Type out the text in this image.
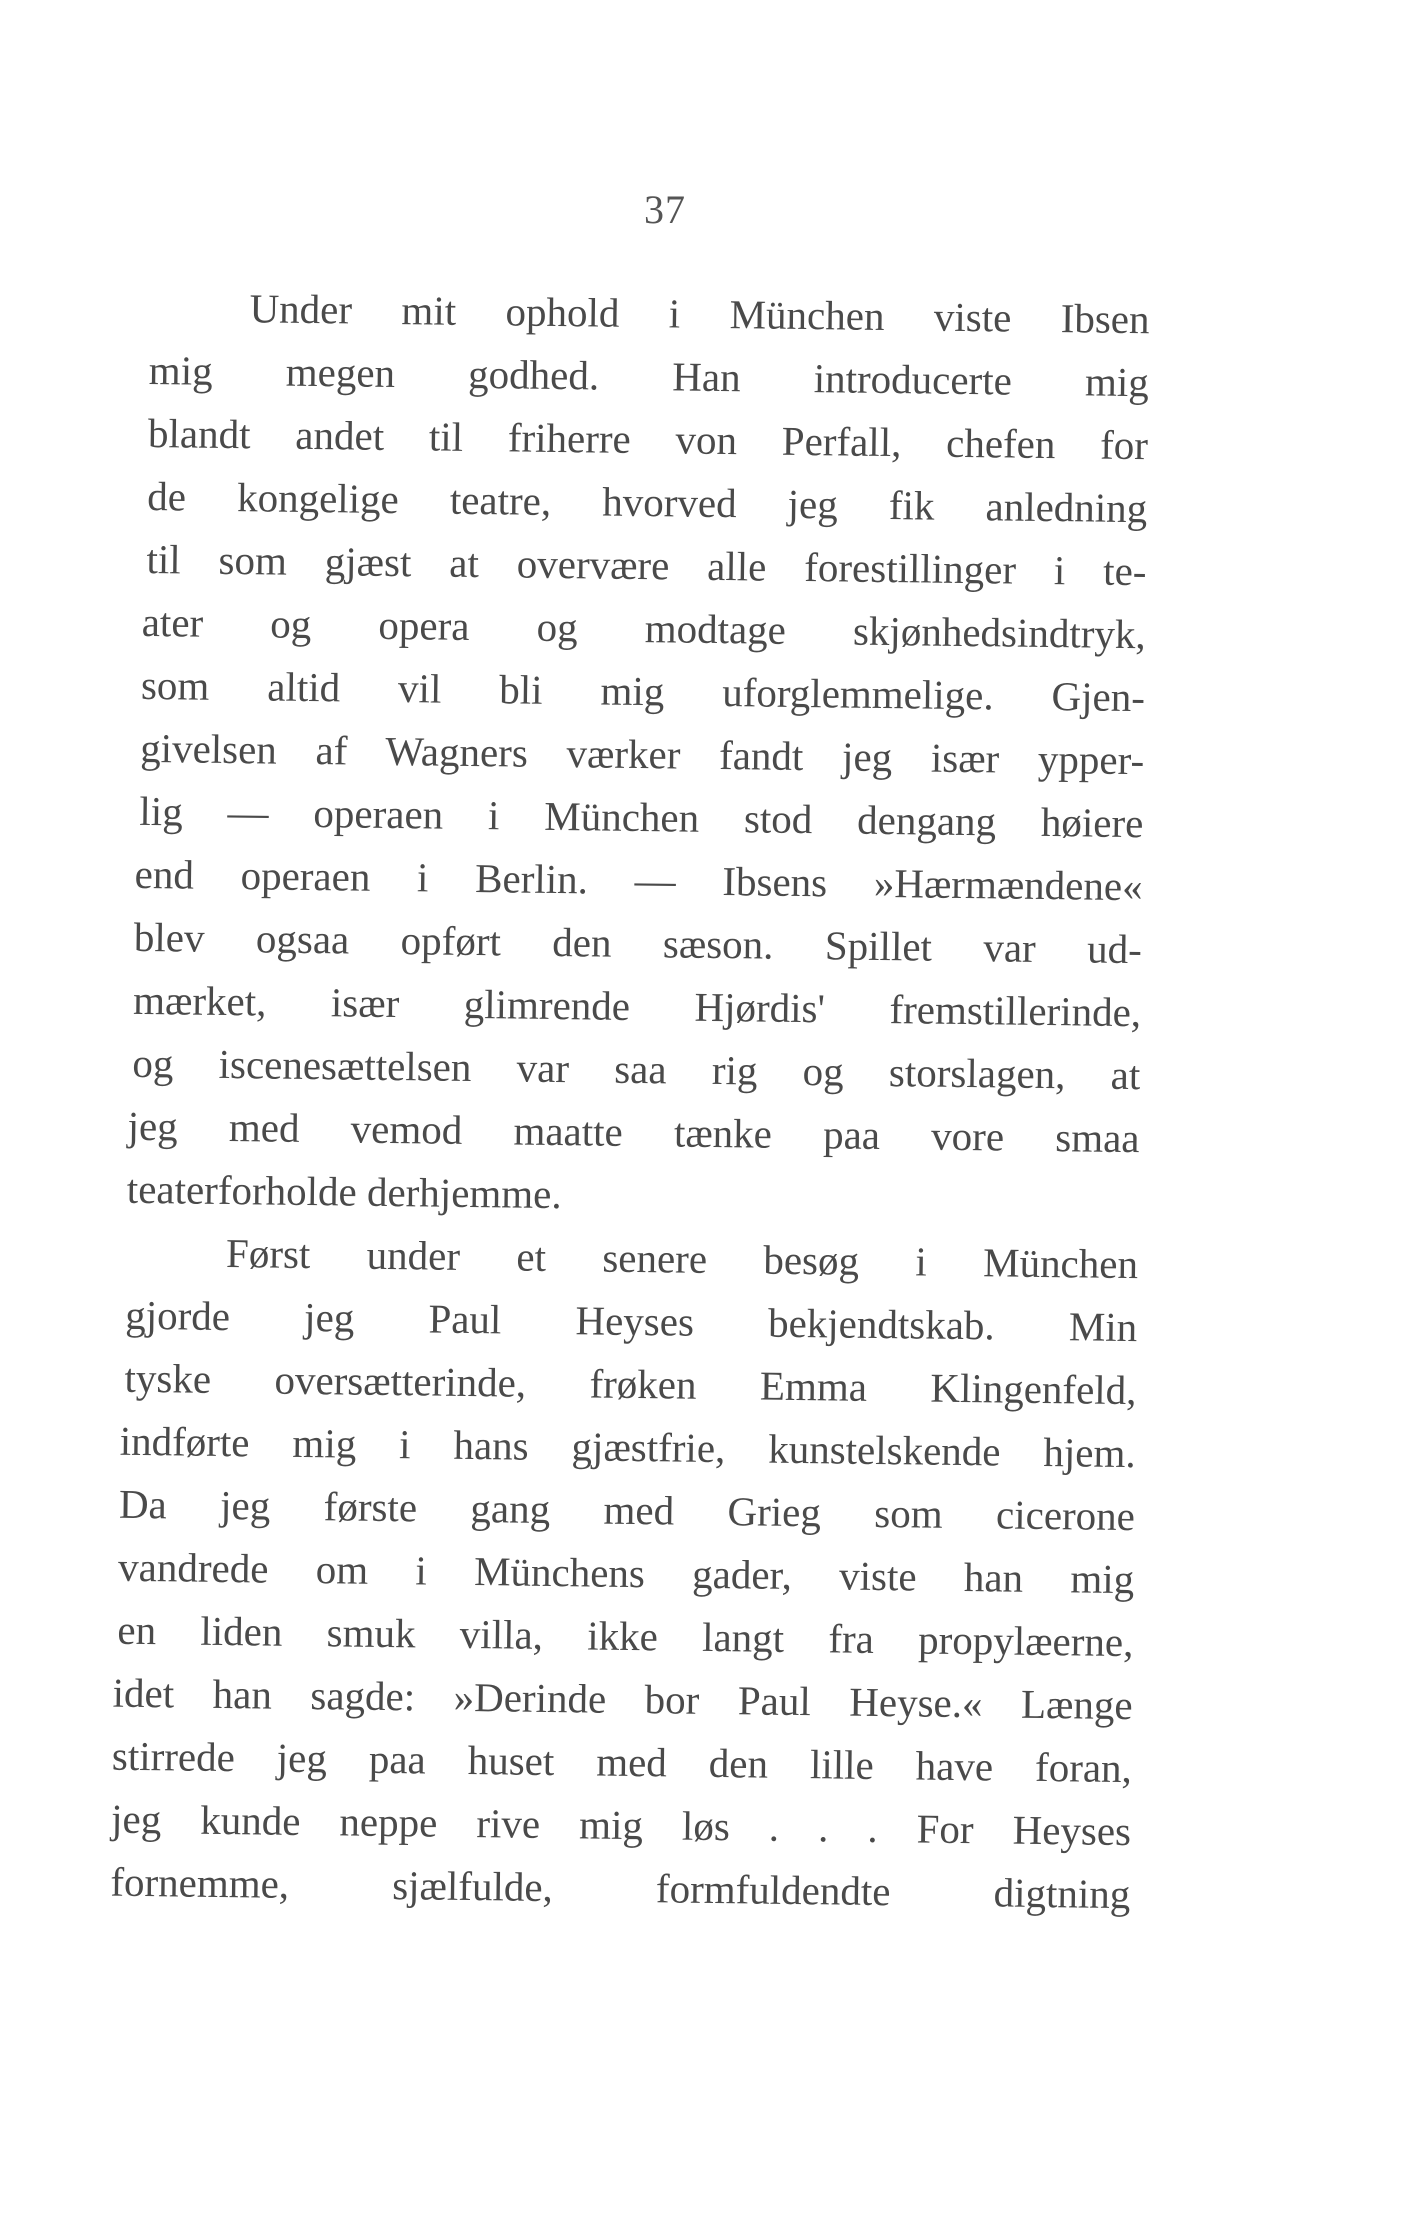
37
Under mit ophold i München viste Ibsen
mig megen godhed. Han introducerte mig
blandt andet til friherre von Perfall, chefen for
de kongelige teatre, hvorved jeg fik anledning
til som gjæst at overvære alle forestillinger i te-
ater og opera og modtage skjønhedsindtryk,
som altid vil bli mig uforglemmelige. Gjen-
givelsen af Wagners værker fandt jeg især ypper-
lig — operaen i München stod dengang høiere
end operaen i Berlin. — Ibsens »Hærmændene«
blev ogsaa opført den sæson. Spillet var ud-
mærket, især glimrende Hjørdis' fremstillerinde,
og iscenesættelsen var saa rig og storslagen, at
jeg med vemod maatte tænke paa vore smaa
teaterforholde derhjemme.
Først under et senere besøg i München
gjorde jeg Paul Heyses bekjendtskab. Min
tyske oversætterinde, frøken Emma Klingenfeld,
indførte mig i hans gjæstfrie, kunstelskende hjem.
Da jeg første gang med Grieg som cicerone
vandrede om i Münchens gader, viste han mig
en liden smuk villa, ikke langt fra propylæerne,
idet han sagde: »Derinde bor Paul Heyse.« Længe
stirrede jeg paa huset med den lille have foran,
jeg kunde neppe rive mig løs . . . For Heyses
fornemme, sjælfulde, formfuldendte digtning
